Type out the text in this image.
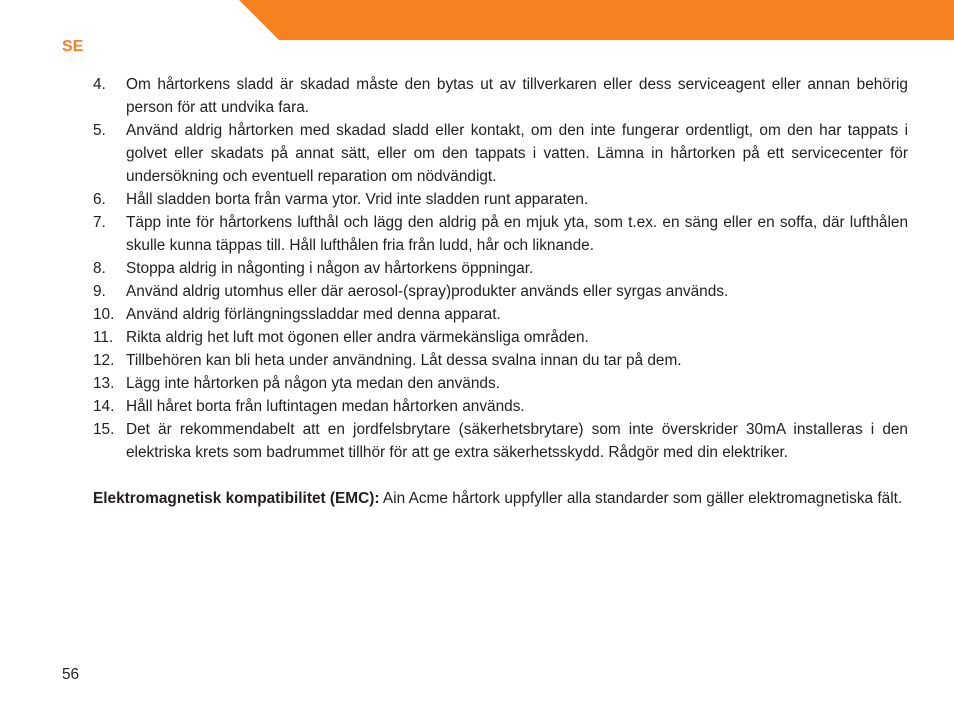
SE
4.	Om hårtorkens sladd är skadad måste den bytas ut av tillverkaren eller dess serviceagent eller annan behörig person för att undvika fara.
5.	Använd aldrig hårtorken med skadad sladd eller kontakt, om den inte fungerar ordentligt, om den har tappats i golvet eller skadats på annat sätt, eller om den tappats i vatten. Lämna in hårtorken på ett servicecenter för undersökning och eventuell reparation om nödvändigt.
6.	Håll sladden borta från varma ytor. Vrid inte sladden runt apparaten.
7.	Täpp inte för hårtorkens lufthål och lägg den aldrig på en mjuk yta, som t.ex. en säng eller en soffa, där lufthålen skulle kunna täppas till. Håll lufthålen fria från ludd, hår och liknande.
8.	Stoppa aldrig in någonting i någon av hårtorkens öppningar.
9.	Använd aldrig utomhus eller där aerosol-(spray)produkter används eller syrgas används.
10. Använd aldrig förlängningssladdar med denna apparat.
11. Rikta aldrig het luft mot ögonen eller andra värmekänsliga områden.
12. Tillbehören kan bli heta under användning. Låt dessa svalna innan du tar på dem.
13. Lägg inte hårtorken på någon yta medan den används.
14. Håll håret borta från luftintagen medan hårtorken används.
15. Det är rekommendabelt att en jordfelsbrytare (säkerhetsbrytare) som inte överskrider 30mA installeras i den elektriska krets som badrummet tillhör för att ge extra säkerhetsskydd. Rådgör med din elektriker.

Elektromagnetisk kompatibilitet (EMC): Ain Acme hårtork uppfyller alla standarder som gäller elektromagnetiska fält.

56
